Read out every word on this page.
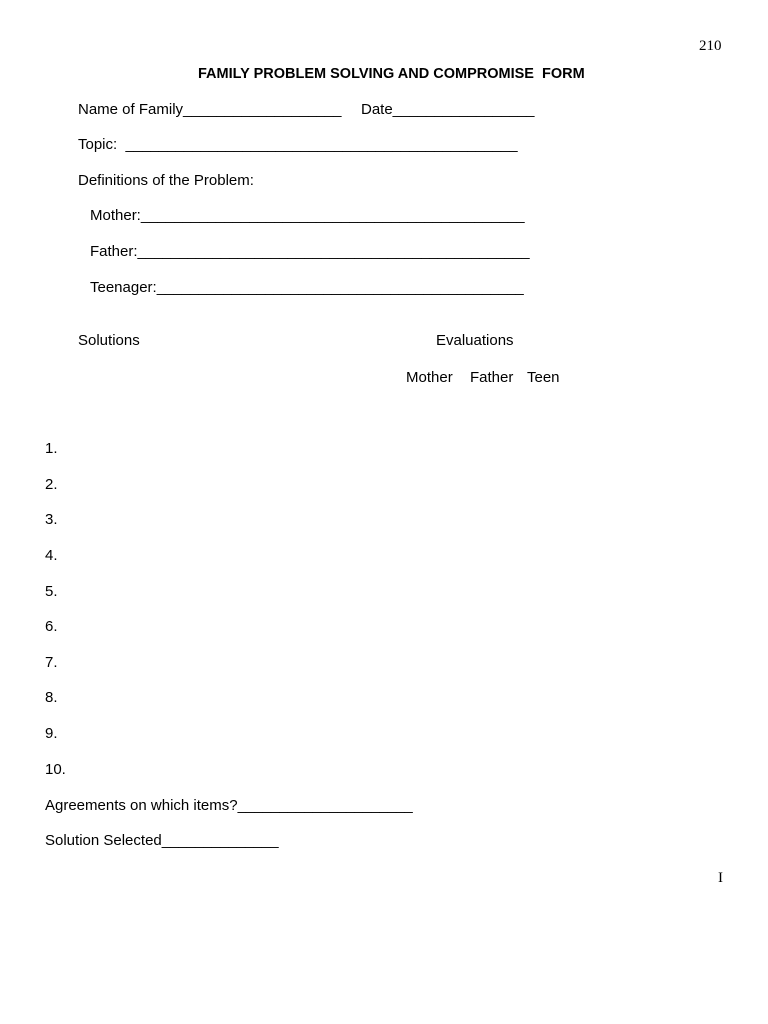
210
FAMILY PROBLEM SOLVING AND COMPROMISE  FORM
Name of Family___________________ Date_________________
Topic:  _______________________________________________
Definitions of the Problem:
Mother:______________________________________________
Father:_______________________________________________
Teenager:____________________________________________
Solutions	Evaluations
Mother Father Teen
1.
2.
3.
4.
5.
6.
7.
8.
9.
10.
Agreements on which items?_____________________
Solution Selected______________
I
